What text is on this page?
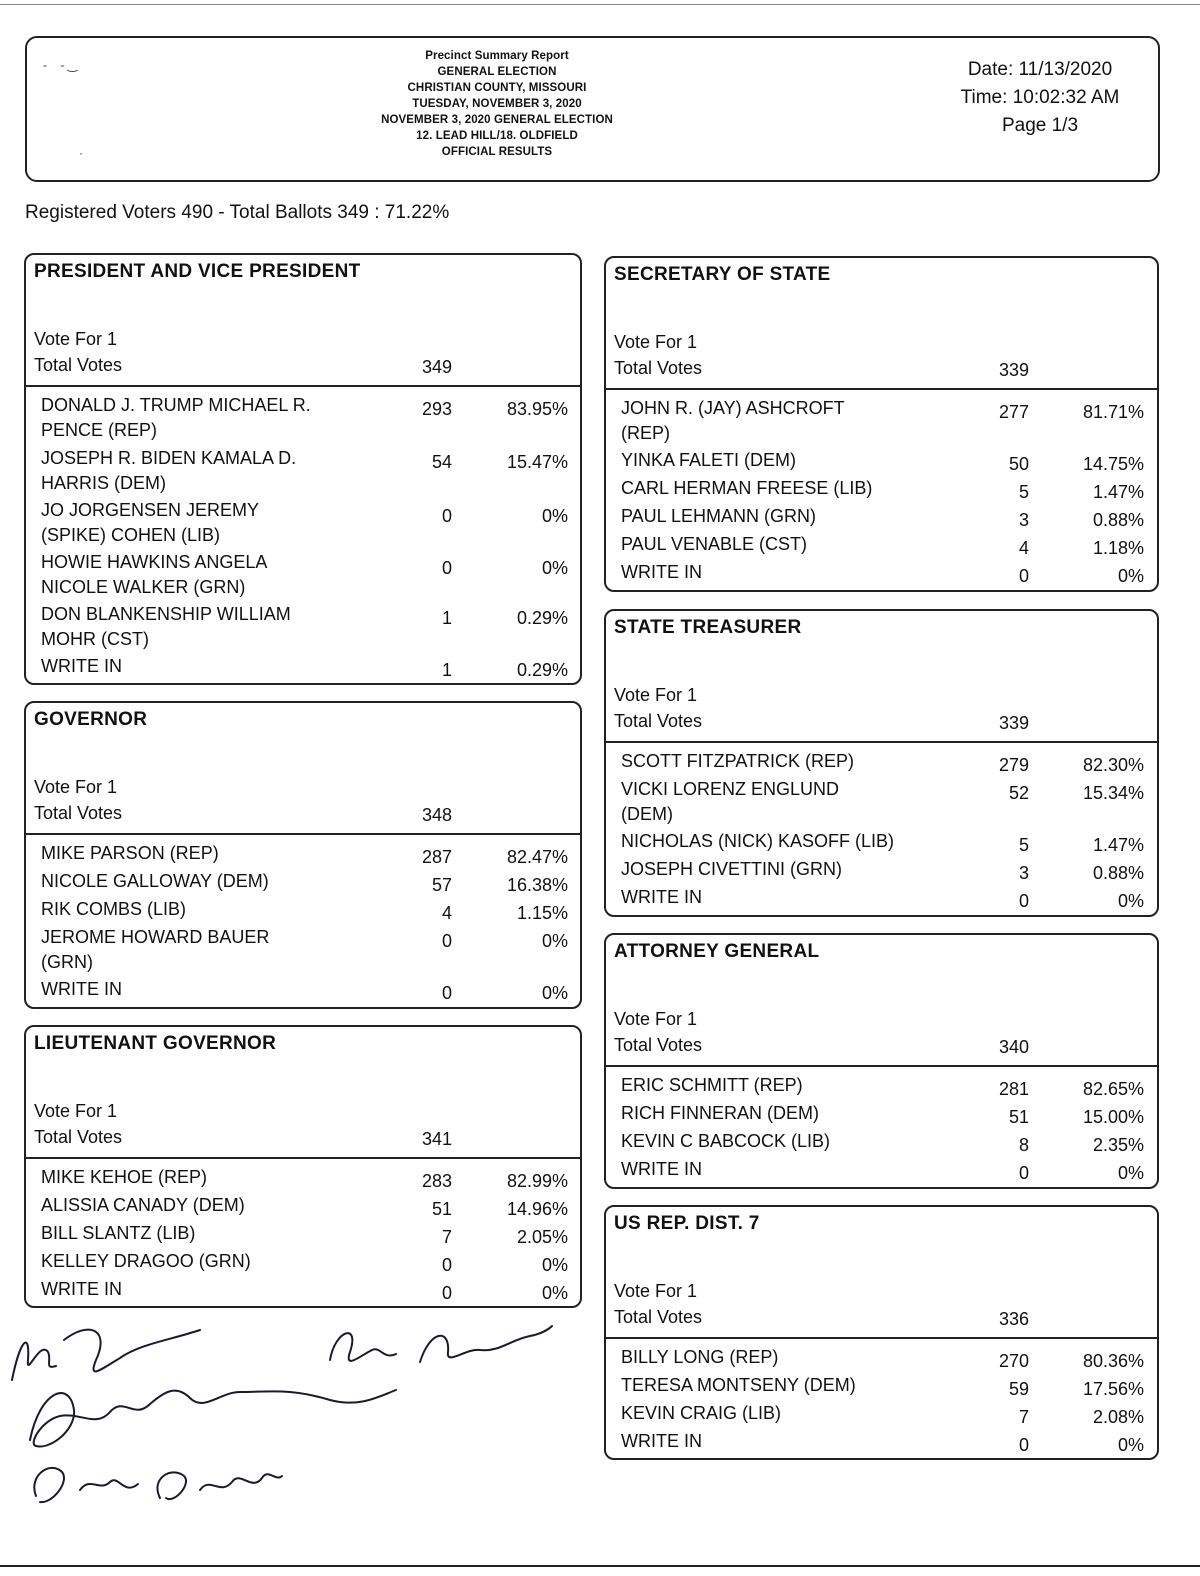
‑    - ‿
·
Precinct Summary Report
GENERAL ELECTION
CHRISTIAN COUNTY, MISSOURI
TUESDAY, NOVEMBER 3, 2020
NOVEMBER 3, 2020 GENERAL ELECTION
12. LEAD HILL/18. OLDFIELD
OFFICIAL RESULTS
Date: 11/13/2020
Time: 10:02:32 AM
Page 1/3
Registered Voters 490 - Total Ballots 349 : 71.22%
PRESIDENT AND VICE PRESIDENT
Vote For 1
Total Votes	349
DONALD J. TRUMP MICHAEL R. PENCE (REP)
293	83.95%
JOSEPH R. BIDEN KAMALA D. HARRIS (DEM)
54	15.47%
JO JORGENSEN JEREMY (SPIKE) COHEN (LIB)
0	0%
HOWIE HAWKINS ANGELA NICOLE WALKER (GRN)
0	0%
DON BLANKENSHIP WILLIAM MOHR (CST)
1	0.29%
WRITE IN	1	0.29%
GOVERNOR
Vote For 1
Total Votes	348
MIKE PARSON (REP)	287	82.47%
NICOLE GALLOWAY (DEM)	57	16.38%
RIK COMBS (LIB)	4	1.15%
JEROME HOWARD BAUER (GRN)
0	0%
WRITE IN	0	0%
LIEUTENANT GOVERNOR
Vote For 1
Total Votes	341
MIKE KEHOE (REP)	283	82.99%
ALISSIA CANADY (DEM)	51	14.96%
BILL SLANTZ (LIB)	7	2.05%
KELLEY DRAGOO (GRN)	0	0%
WRITE IN	0	0%
SECRETARY OF STATE
Vote For 1
Total Votes	339
JOHN R. (JAY) ASHCROFT (REP)
277	81.71%
YINKA FALETI (DEM)	50	14.75%
CARL HERMAN FREESE (LIB)	5	1.47%
PAUL LEHMANN (GRN)	3	0.88%
PAUL VENABLE (CST)	4	1.18%
WRITE IN	0	0%
STATE TREASURER
Vote For 1
Total Votes	339
SCOTT FITZPATRICK (REP)	279	82.30%
VICKI LORENZ ENGLUND (DEM)
52	15.34%
NICHOLAS (NICK) KASOFF (LIB)	5	1.47%
JOSEPH CIVETTINI (GRN)	3	0.88%
WRITE IN	0	0%
ATTORNEY GENERAL
Vote For 1
Total Votes	340
ERIC SCHMITT (REP)	281	82.65%
RICH FINNERAN (DEM)	51	15.00%
KEVIN C BABCOCK (LIB)	8	2.35%
WRITE IN	0	0%
US REP. DIST. 7
Vote For 1
Total Votes	336
BILLY LONG (REP)	270	80.36%
TERESA MONTSENY (DEM)	59	17.56%
KEVIN CRAIG (LIB)	7	2.08%
WRITE IN	0	0%
